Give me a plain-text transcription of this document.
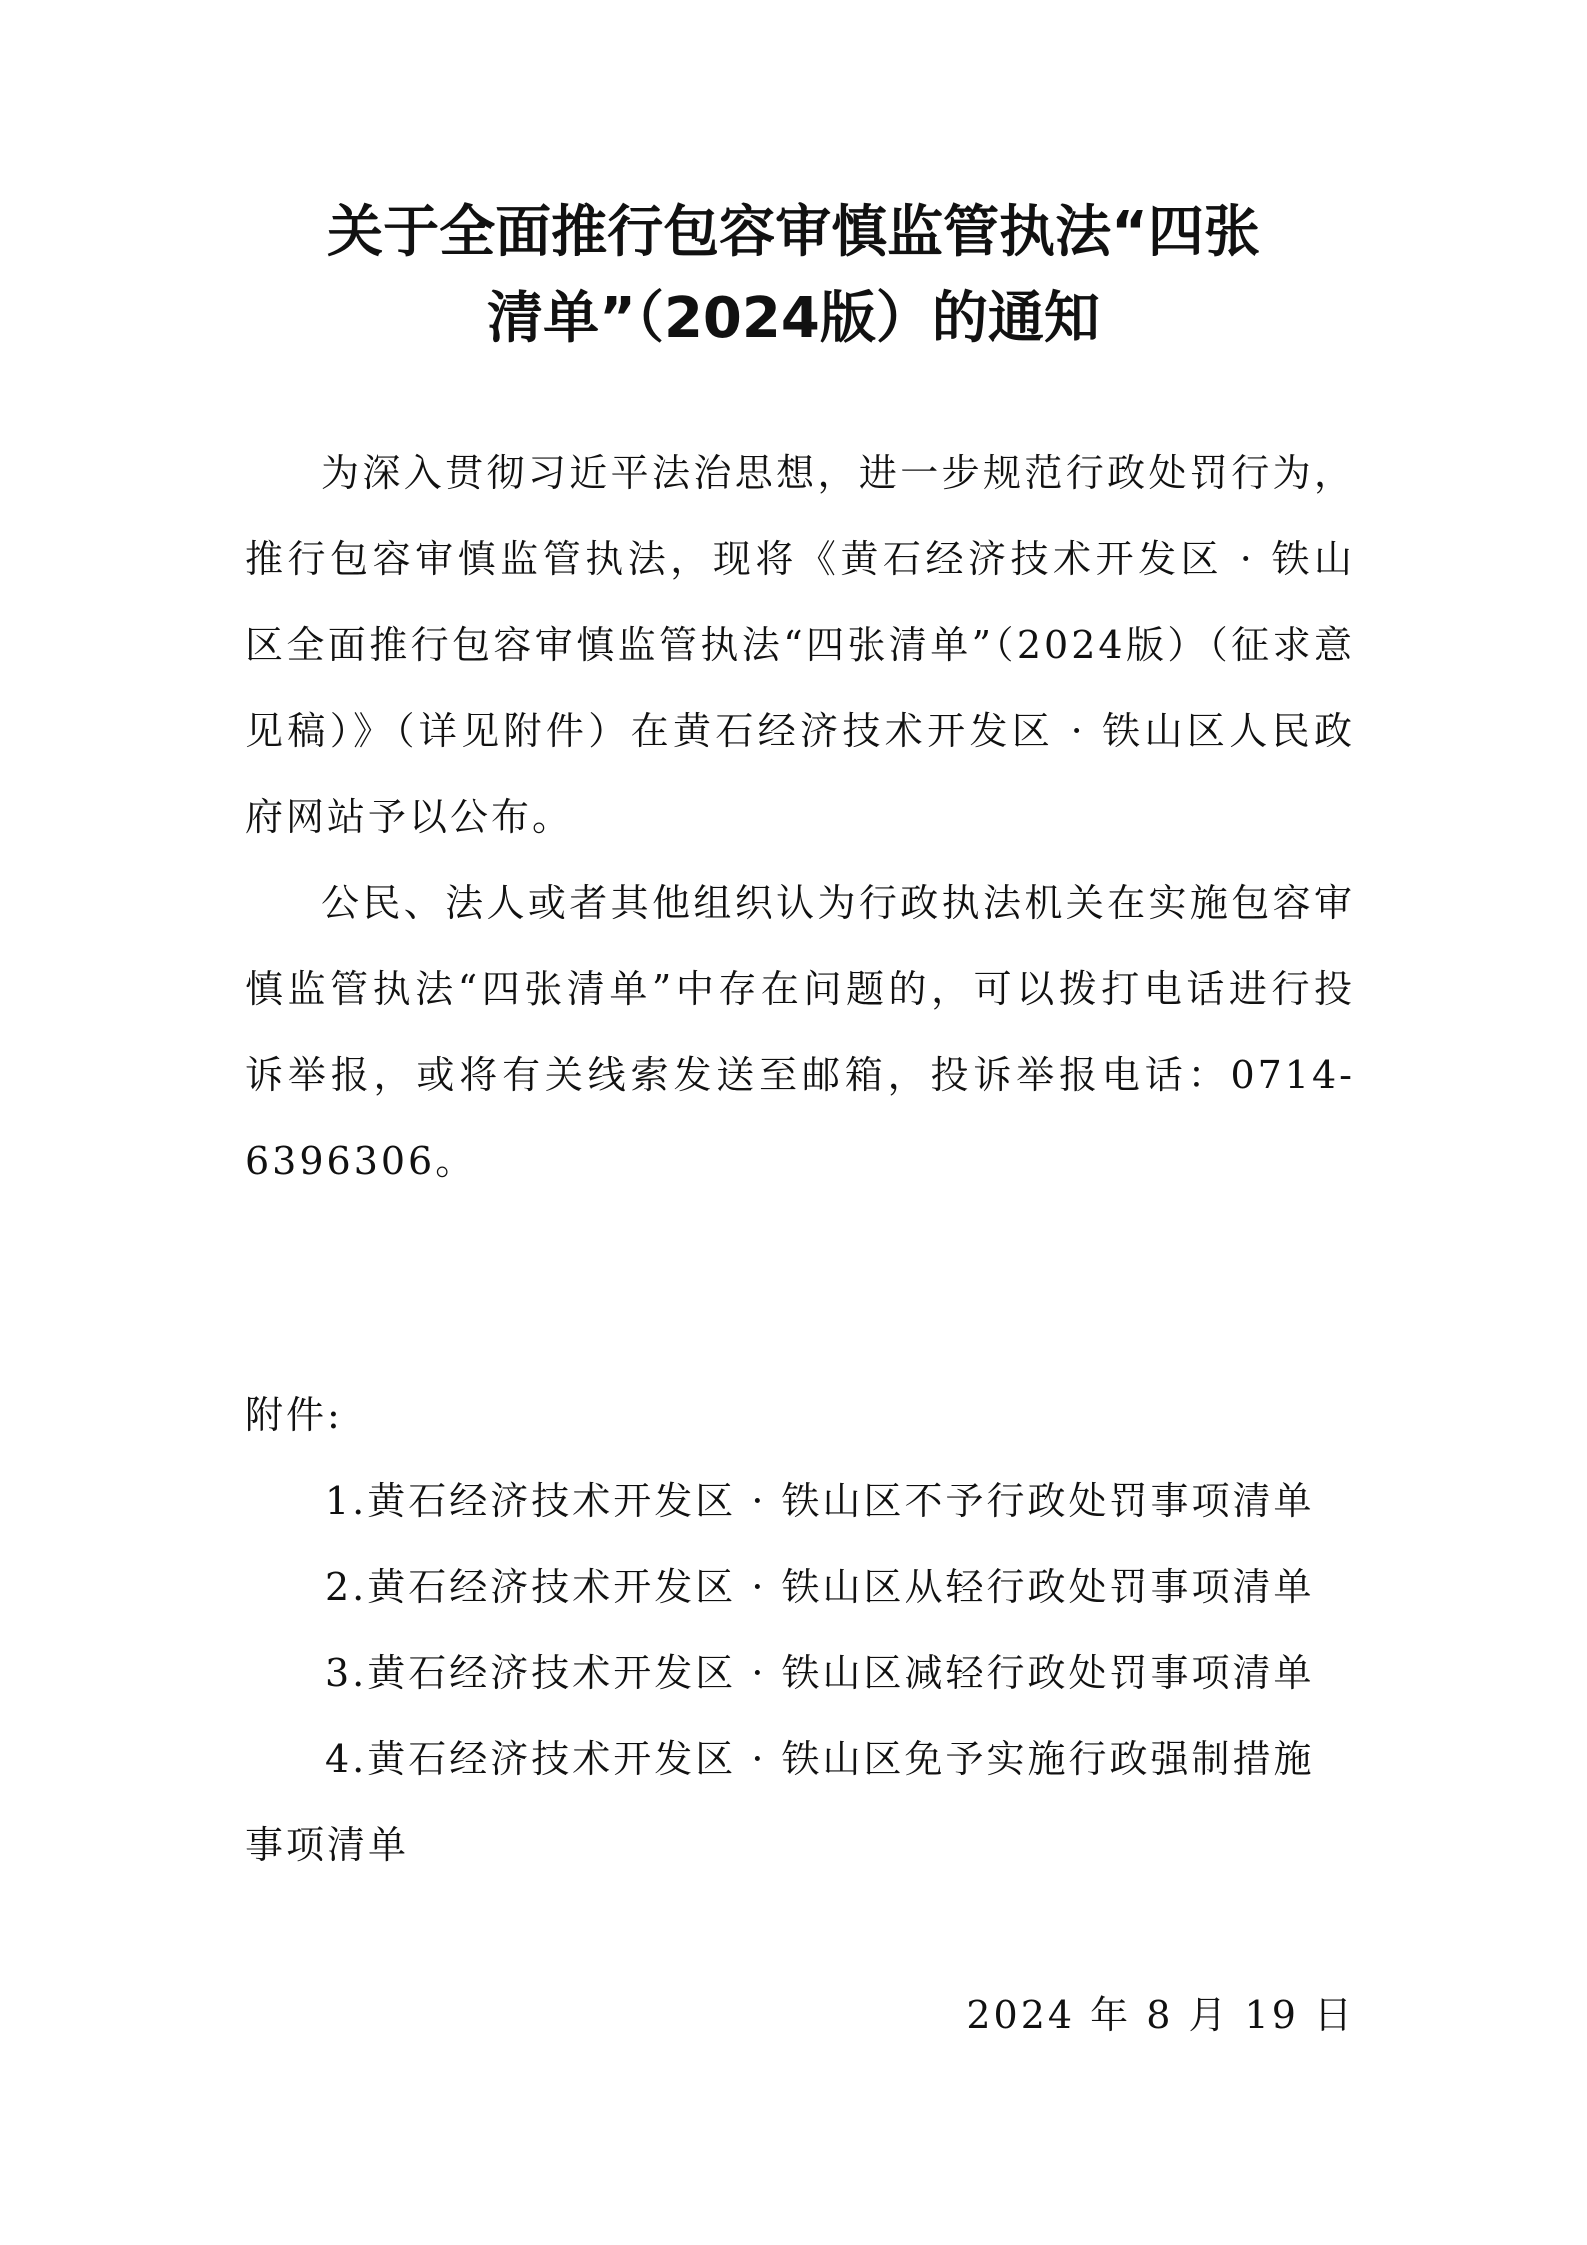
关于全面推行包容审慎监管执法“四张
清单”（2024版）的通知

为深入贯彻习近平法治思想，进一步规范行政处罚行为，推行包容审慎监管执法，现将《黄石经济技术开发区 · 铁山区全面推行包容审慎监管执法“四张清单”（2024版）（征求意见稿）》（详见附件）在黄石经济技术开发区 · 铁山区人民政府网站予以公布。

公民、法人或者其他组织认为行政执法机关在实施包容审慎监管执法“四张清单”中存在问题的，可以拨打电话进行投诉举报，或将有关线索发送至邮箱，投诉举报电话：0714-6396306。

附件:

1.黄石经济技术开发区 · 铁山区不予行政处罚事项清单

2.黄石经济技术开发区 · 铁山区从轻行政处罚事项清单

3.黄石经济技术开发区 · 铁山区减轻行政处罚事项清单

4.黄石经济技术开发区 · 铁山区免予实施行政强制措施事项清单

2024 年 8 月 19 日
